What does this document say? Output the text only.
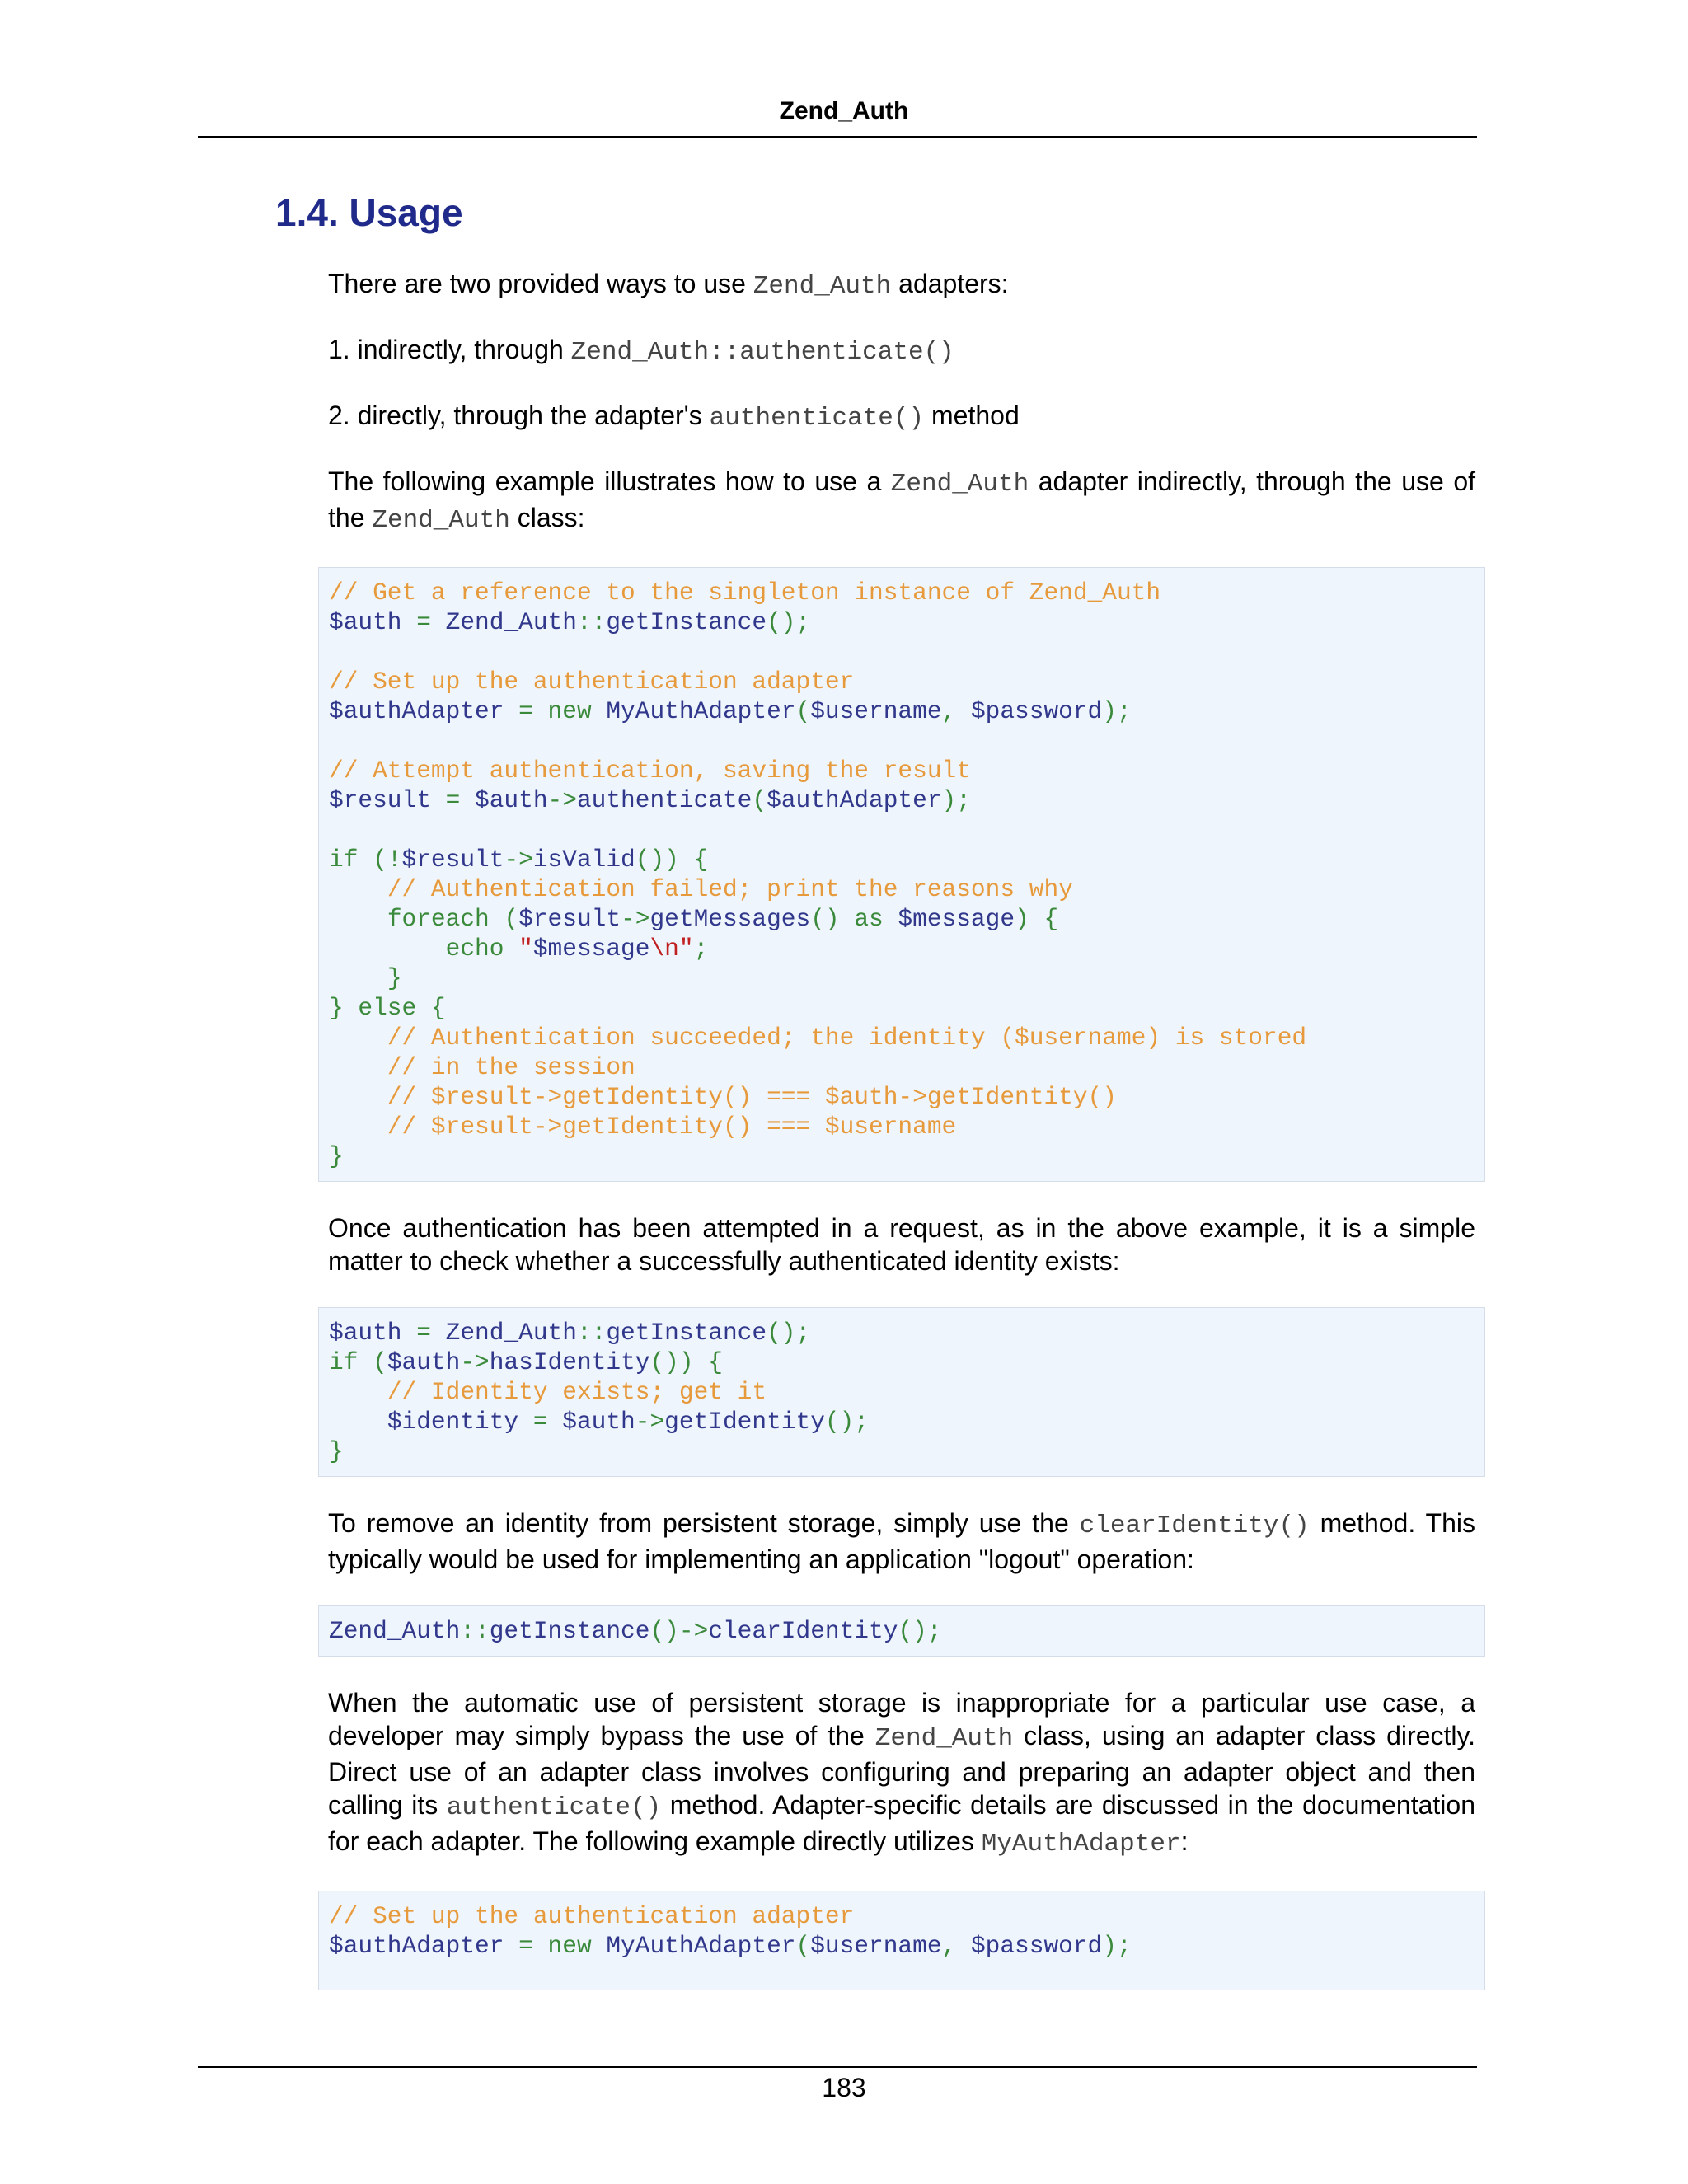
Zend_Auth
1.4. Usage

There are two provided ways to use Zend_Auth adapters:

1. indirectly, through Zend_Auth::authenticate()

2. directly, through the adapter's authenticate() method

The following example illustrates how to use a Zend_Auth adapter indirectly, through the use of the Zend_Auth class:

// Get a reference to the singleton instance of Zend_Auth
$auth = Zend_Auth::getInstance();

// Set up the authentication adapter
$authAdapter = new MyAuthAdapter($username, $password);

// Attempt authentication, saving the result
$result = $auth->authenticate($authAdapter);

if (!$result->isValid()) {
// Authentication failed; print the reasons why
foreach ($result->getMessages() as $message) {
echo "$message\n";
}
} else {
// Authentication succeeded; the identity ($username) is stored
// in the session
// $result->getIdentity() === $auth->getIdentity()
// $result->getIdentity() === $username
}

Once authentication has been attempted in a request, as in the above example, it is a simple matter to check whether a successfully authenticated identity exists:

$auth = Zend_Auth::getInstance();
if ($auth->hasIdentity()) {
// Identity exists; get it
$identity = $auth->getIdentity();
}

To remove an identity from persistent storage, simply use the clearIdentity() method. This typically would be used for implementing an application "logout" operation:

Zend_Auth::getInstance()->clearIdentity();

When the automatic use of persistent storage is inappropriate for a particular use case, a developer may simply bypass the use of the Zend_Auth class, using an adapter class directly. Direct use of an adapter class involves configuring and preparing an adapter object and then calling its authenticate() method. Adapter-specific details are discussed in the documentation for each adapter. The following example directly utilizes MyAuthAdapter:

// Set up the authentication adapter
$authAdapter = new MyAuthAdapter($username, $password);
183
